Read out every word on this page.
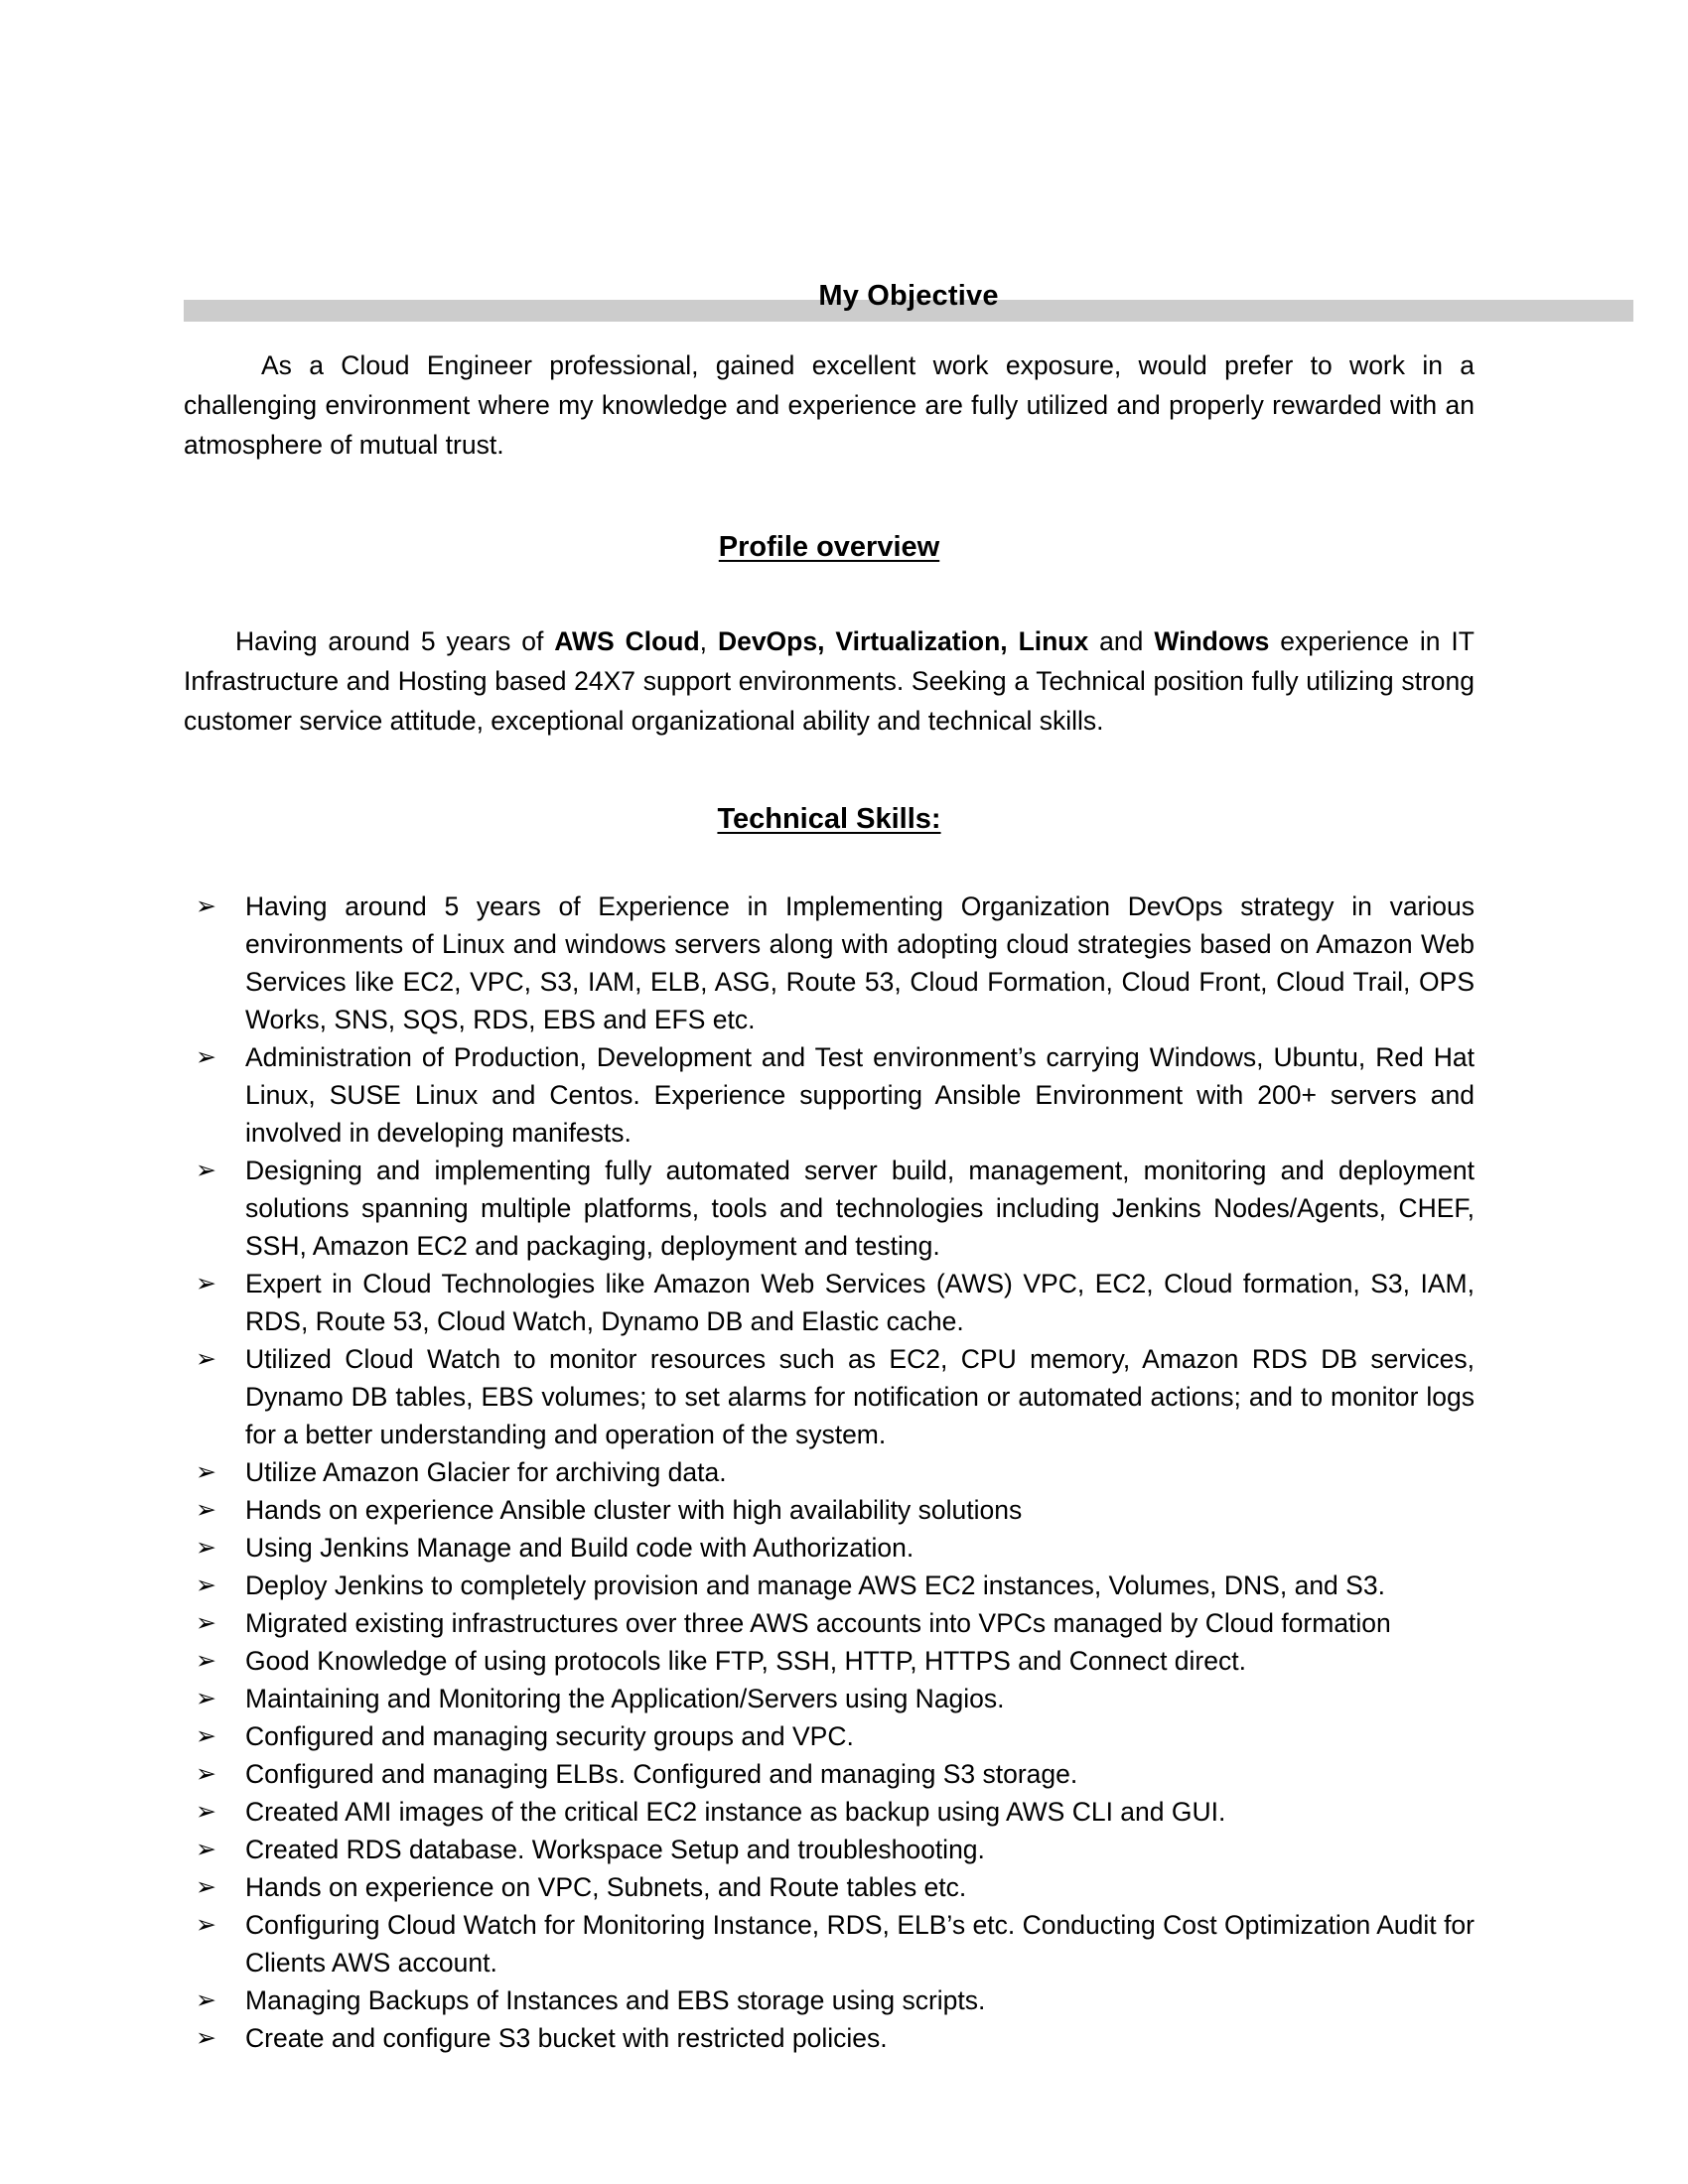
My Objective

As a Cloud Engineer professional, gained excellent work exposure, would prefer to work in a challenging environment where my knowledge and experience are fully utilized and properly rewarded with an atmosphere of mutual trust.

Profile overview

Having around 5 years of AWS Cloud, DevOps, Virtualization, Linux and Windows experience in IT Infrastructure and Hosting based 24X7 support environments. Seeking a Technical position fully utilizing strong customer service attitude, exceptional organizational ability and technical skills.

Technical Skills:
➢ Having around 5 years of Experience in Implementing Organization DevOps strategy in various environments of Linux and windows servers along with adopting cloud strategies based on Amazon Web Services like EC2, VPC, S3, IAM, ELB, ASG, Route 53, Cloud Formation, Cloud Front, Cloud Trail, OPS Works, SNS, SQS, RDS, EBS and EFS etc.
➢ Administration of Production, Development and Test environment’s carrying Windows, Ubuntu, Red Hat Linux, SUSE Linux and Centos. Experience supporting Ansible Environment with 200+ servers and involved in developing manifests.
➢ Designing and implementing fully automated server build, management, monitoring and deployment solutions spanning multiple platforms, tools and technologies including Jenkins Nodes/Agents, CHEF, SSH, Amazon EC2 and packaging, deployment and testing.
➢ Expert in Cloud Technologies like Amazon Web Services (AWS) VPC, EC2, Cloud formation, S3, IAM, RDS, Route 53, Cloud Watch, Dynamo DB and Elastic cache.
➢ Utilized Cloud Watch to monitor resources such as EC2, CPU memory, Amazon RDS DB services, Dynamo DB tables, EBS volumes; to set alarms for notification or automated actions; and to monitor logs for a better understanding and operation of the system.
➢ Utilize Amazon Glacier for archiving data.
➢ Hands on experience Ansible cluster with high availability solutions
➢ Using Jenkins Manage and Build code with Authorization.
➢ Deploy Jenkins to completely provision and manage AWS EC2 instances, Volumes, DNS, and S3.
➢ Migrated existing infrastructures over three AWS accounts into VPCs managed by Cloud formation
➢ Good Knowledge of using protocols like FTP, SSH, HTTP, HTTPS and Connect direct.
➢ Maintaining and Monitoring the Application/Servers using Nagios.
➢ Configured and managing security groups and VPC.
➢ Configured and managing ELBs. Configured and managing S3 storage.
➢ Created AMI images of the critical EC2 instance as backup using AWS CLI and GUI.
➢ Created RDS database. Workspace Setup and troubleshooting.
➢ Hands on experience on VPC, Subnets, and Route tables etc.
➢ Configuring Cloud Watch for Monitoring Instance, RDS, ELB’s etc. Conducting Cost Optimization Audit for Clients AWS account.
➢ Managing Backups of Instances and EBS storage using scripts.
➢ Create and configure S3 bucket with restricted policies.
